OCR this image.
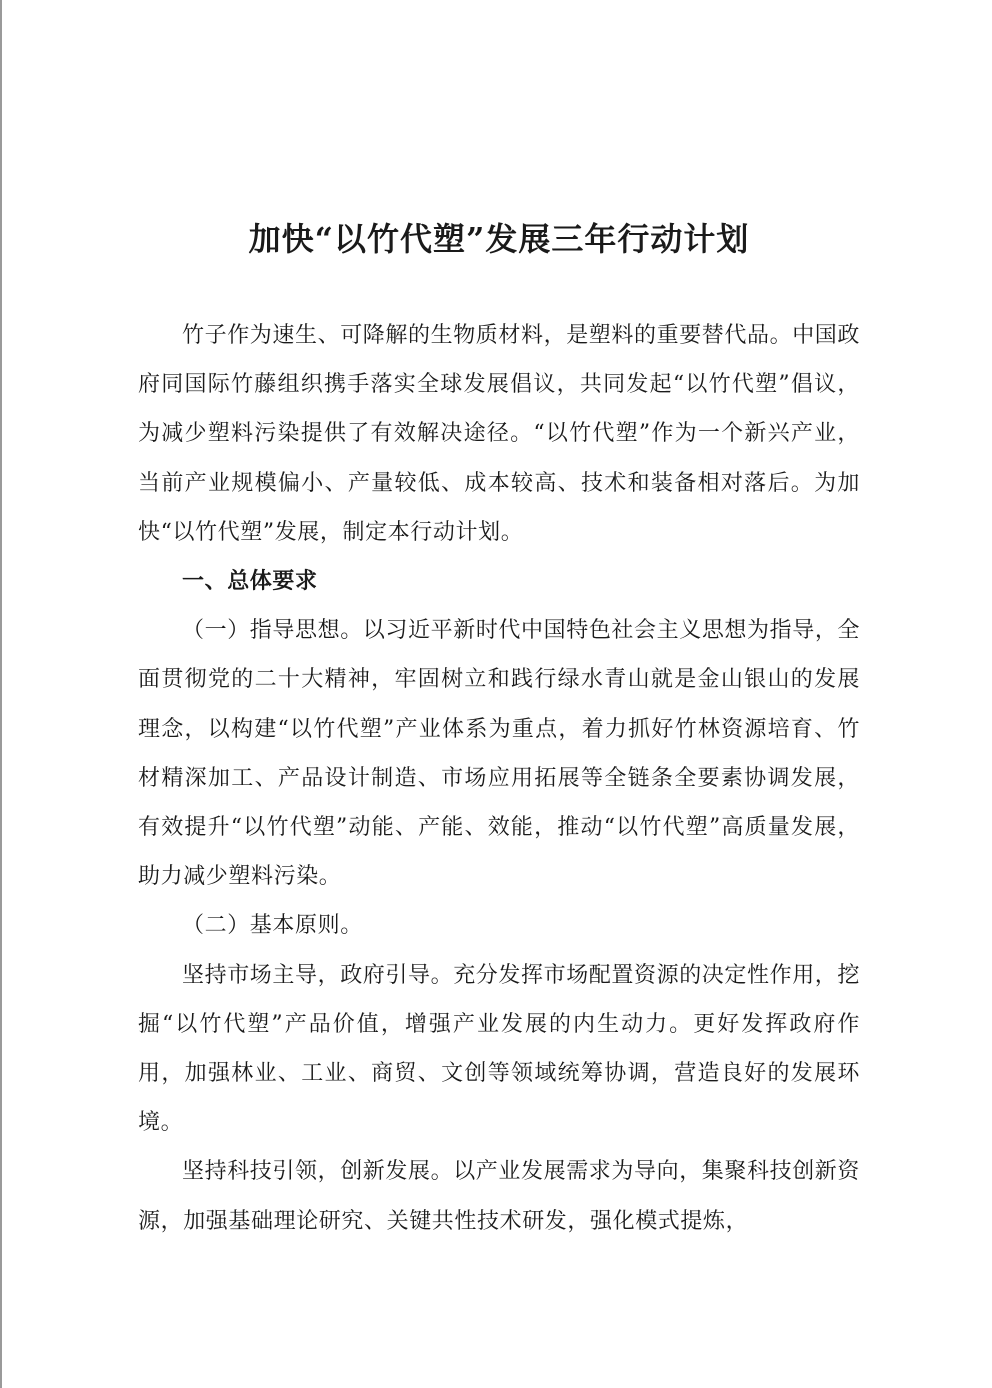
加快“以竹代塑”发展三年行动计划

竹子作为速生、可降解的生物质材料，是塑料的重要替代品。中国政府同国际竹藤组织携手落实全球发展倡议，共同发起“以竹代塑”倡议，为减少塑料污染提供了有效解决途径。“以竹代塑”作为一个新兴产业，当前产业规模偏小、产量较低、成本较高、技术和装备相对落后。为加快“以竹代塑”发展，制定本行动计划。

一、总体要求

（一）指导思想。以习近平新时代中国特色社会主义思想为指导，全面贯彻党的二十大精神，牢固树立和践行绿水青山就是金山银山的发展理念，以构建“以竹代塑”产业体系为重点，着力抓好竹林资源培育、竹材精深加工、产品设计制造、市场应用拓展等全链条全要素协调发展，有效提升“以竹代塑”动能、产能、效能，推动“以竹代塑”高质量发展，助力减少塑料污染。

（二）基本原则。

坚持市场主导，政府引导。充分发挥市场配置资源的决定性作用，挖掘“以竹代塑”产品价值，增强产业发展的内生动力。更好发挥政府作用，加强林业、工业、商贸、文创等领域统筹协调，营造良好的发展环境。

坚持科技引领，创新发展。以产业发展需求为导向，集聚科技创新资源，加强基础理论研究、关键共性技术研发，强化模式提炼，
